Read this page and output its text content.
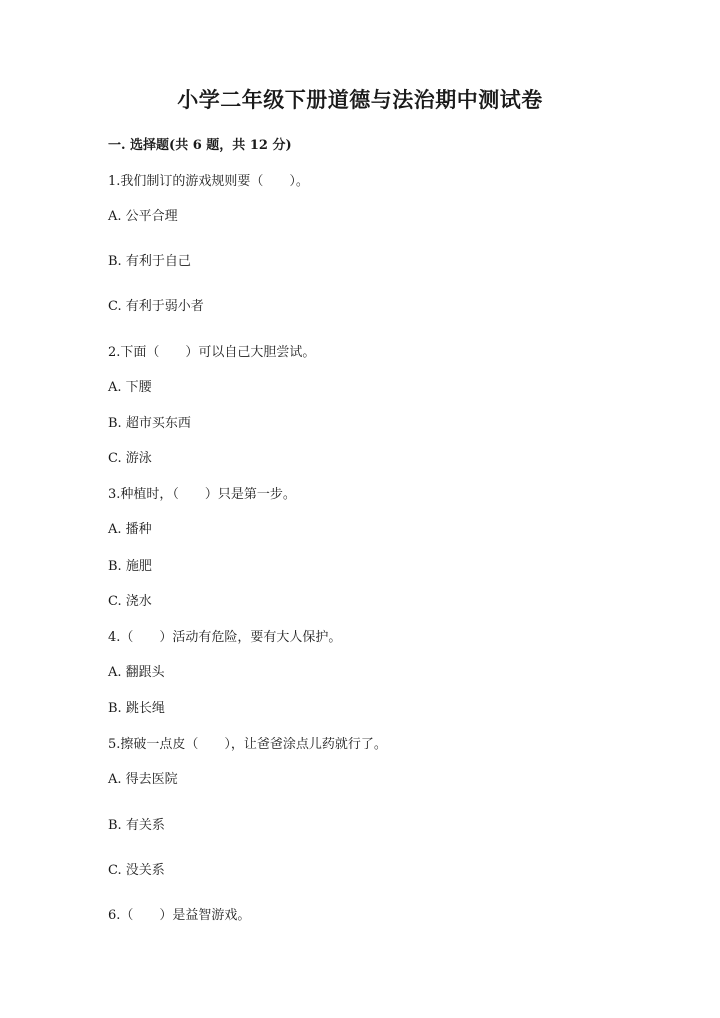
小学二年级下册道德与法治期中测试卷
一. 选择题(共 6 题，共 12 分)
1.我们制订的游戏规则要（　　）。
A. 公平合理
B. 有利于自己
C. 有利于弱小者
2.下面（　　）可以自己大胆尝试。
A. 下腰
B. 超市买东西
C. 游泳
3.种植时，（　　）只是第一步。
A. 播种
B. 施肥
C. 浇水
4.（　　）活动有危险，要有大人保护。
A. 翻跟头
B. 跳长绳
5.擦破一点皮（　　），让爸爸涂点儿药就行了。
A. 得去医院
B. 有关系
C. 没关系
6.（　　）是益智游戏。
